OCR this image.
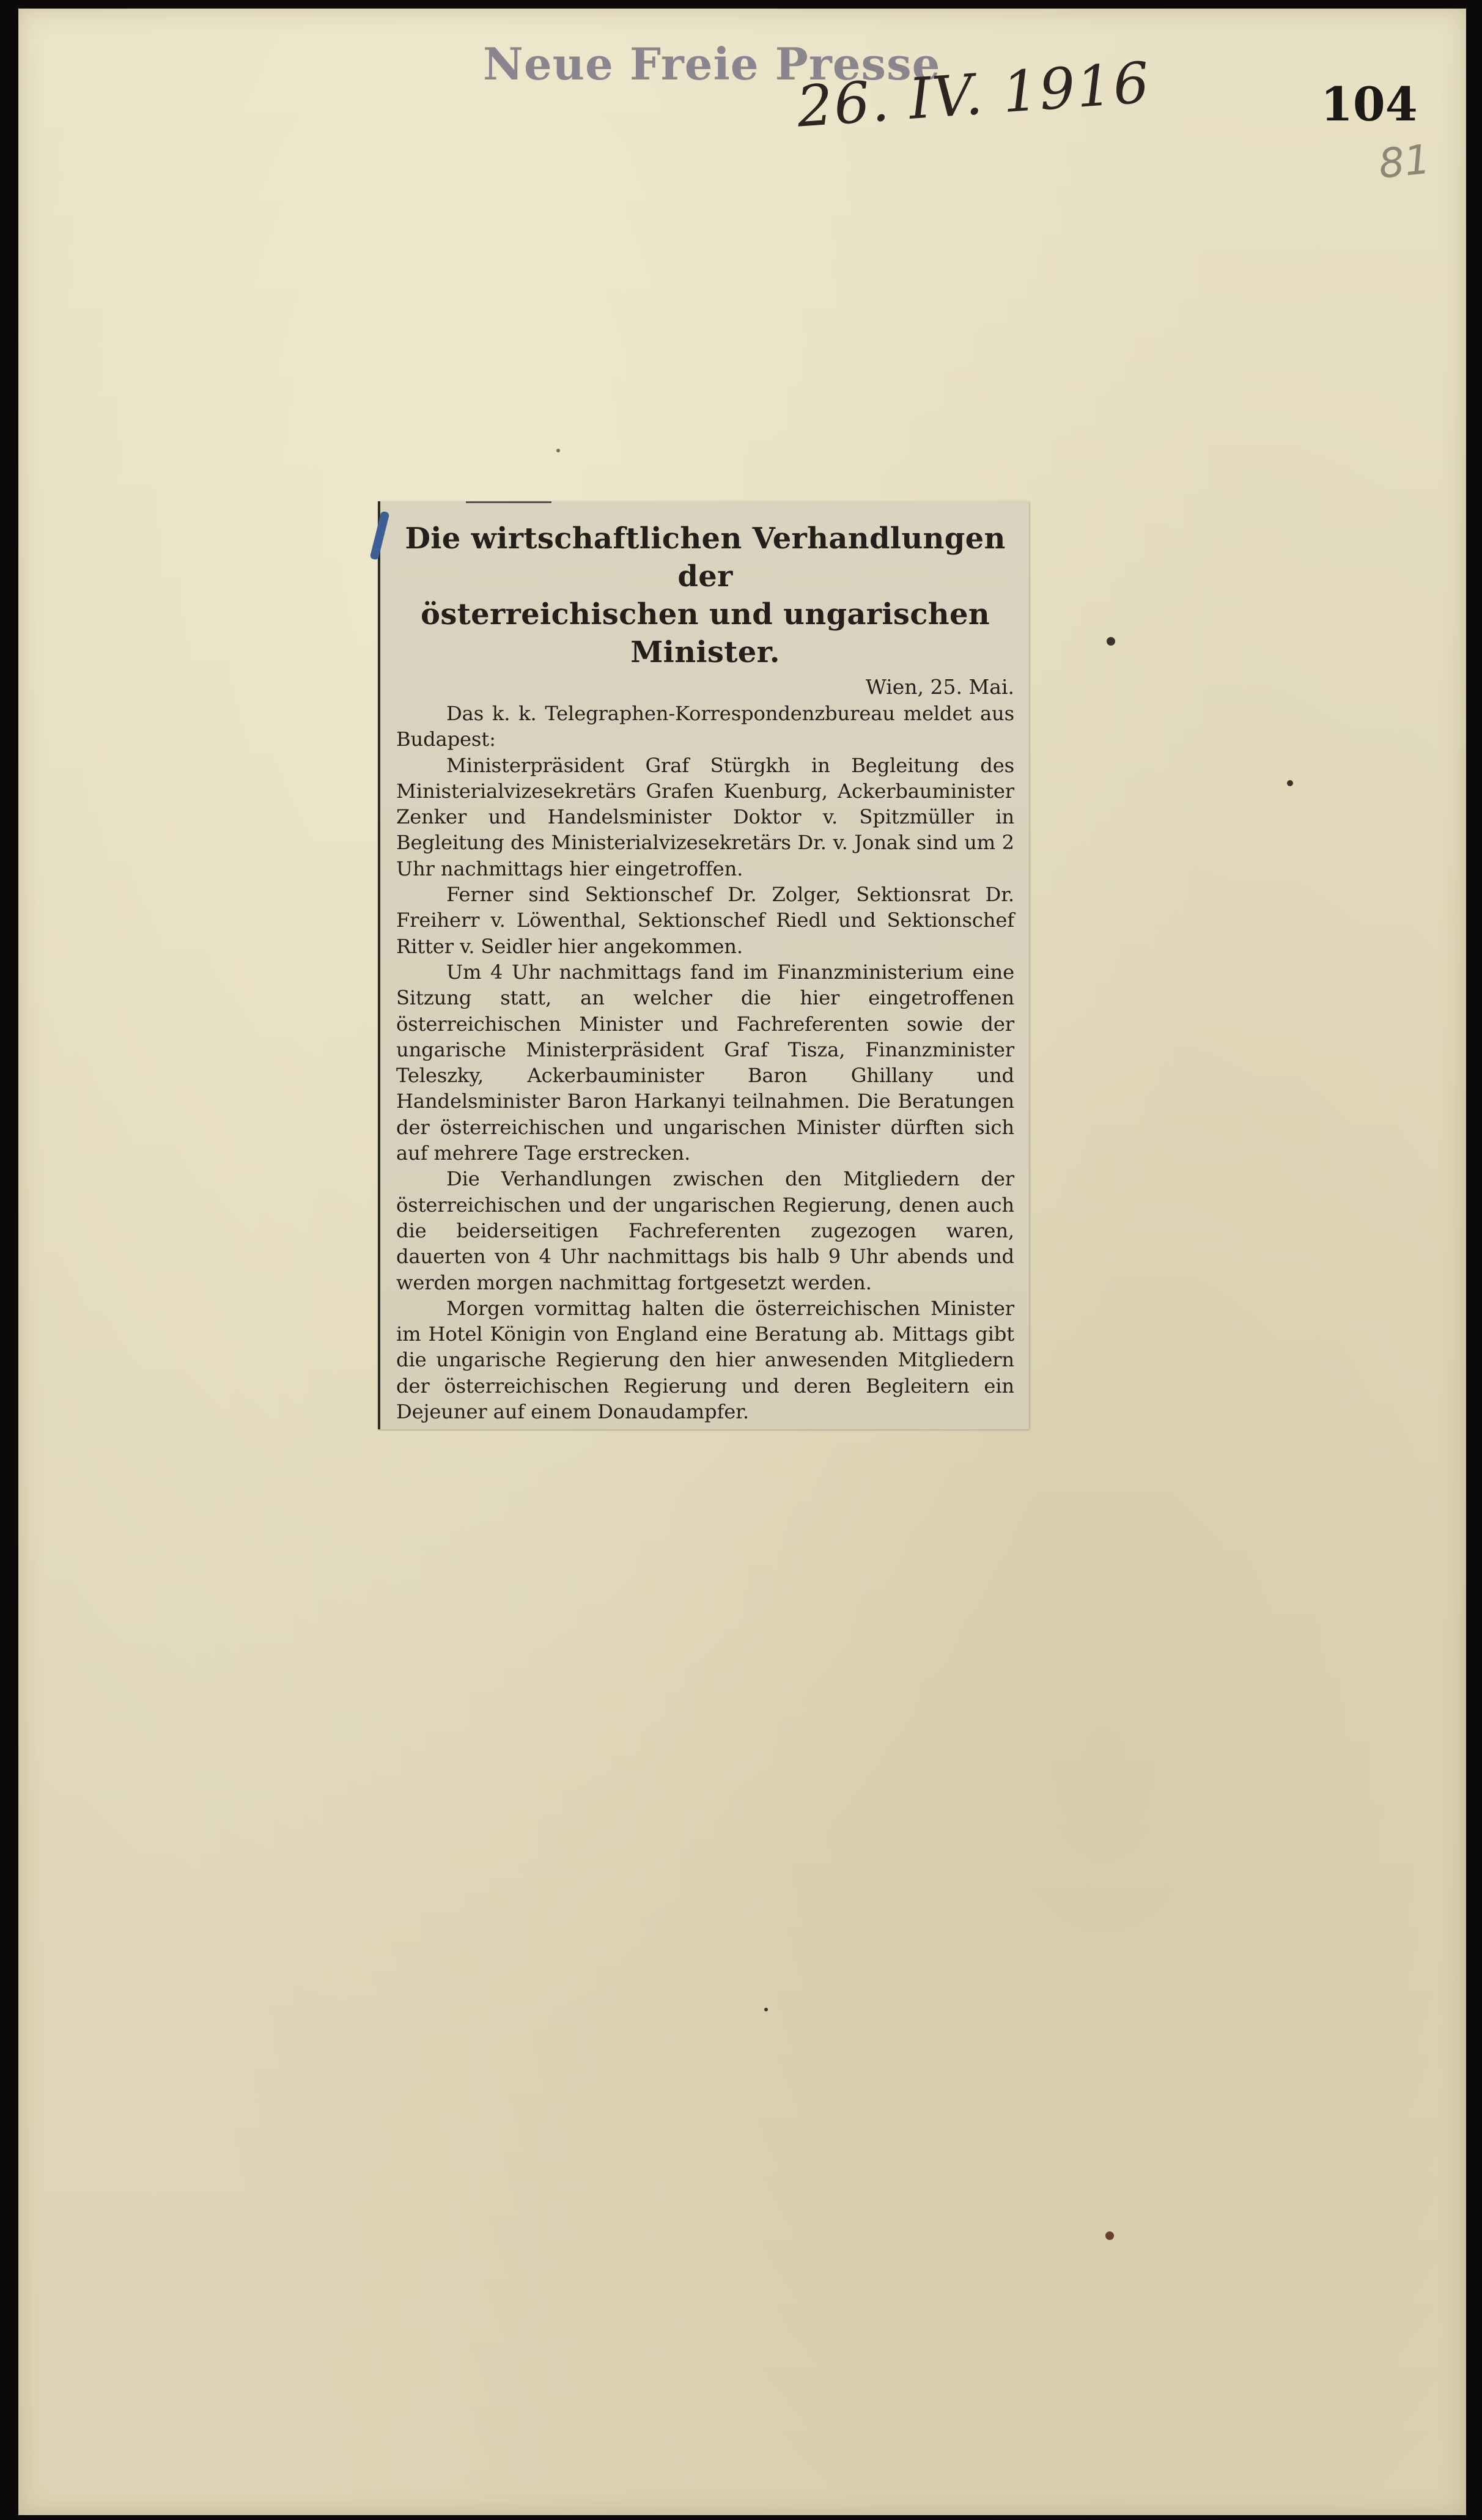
Neue Freie Presse
26. IV. 1916	104
81
Die wirtschaftlichen Verhandlungen der
österreichischen und ungarischen Minister.
Wien, 25. Mai.

Das k. k. Telegraphen-Korrespondenzbureau meldet aus Budapest:

Ministerpräsident Graf Stürgkh in Begleitung des Ministerialvizesekretärs Grafen Kuenburg, Ackerbauminister Zenker und Handelsminister Doktor v. Spitzmüller in Begleitung des Ministerialvizesekretärs Dr. v. Jonak sind um 2 Uhr nachmittags hier eingetroffen.

Ferner sind Sektionschef Dr. Zolger, Sektionsrat Dr. Freiherr v. Löwenthal, Sektionschef Riedl und Sektionschef Ritter v. Seidler hier angekommen.

Um 4 Uhr nachmittags fand im Finanzministerium eine Sitzung statt, an welcher die hier eingetroffenen österreichischen Minister und Fachreferenten sowie der ungarische Ministerpräsident Graf Tisza, Finanzminister Teleszky, Ackerbauminister Baron Ghillany und Handelsminister Baron Harkanyi teilnahmen. Die Beratungen der österreichischen und ungarischen Minister dürften sich auf mehrere Tage erstrecken.

Die Verhandlungen zwischen den Mitgliedern der österreichischen und der ungarischen Regierung, denen auch die beiderseitigen Fachreferenten zugezogen waren, dauerten von 4 Uhr nachmittags bis halb 9 Uhr abends und werden morgen nachmittag fortgesetzt werden.

Morgen vormittag halten die österreichischen Minister im Hotel Königin von England eine Beratung ab. Mittags gibt die ungarische Regierung den hier anwesenden Mitgliedern der österreichischen Regierung und deren Begleitern ein Dejeuner auf einem Donaudampfer.
